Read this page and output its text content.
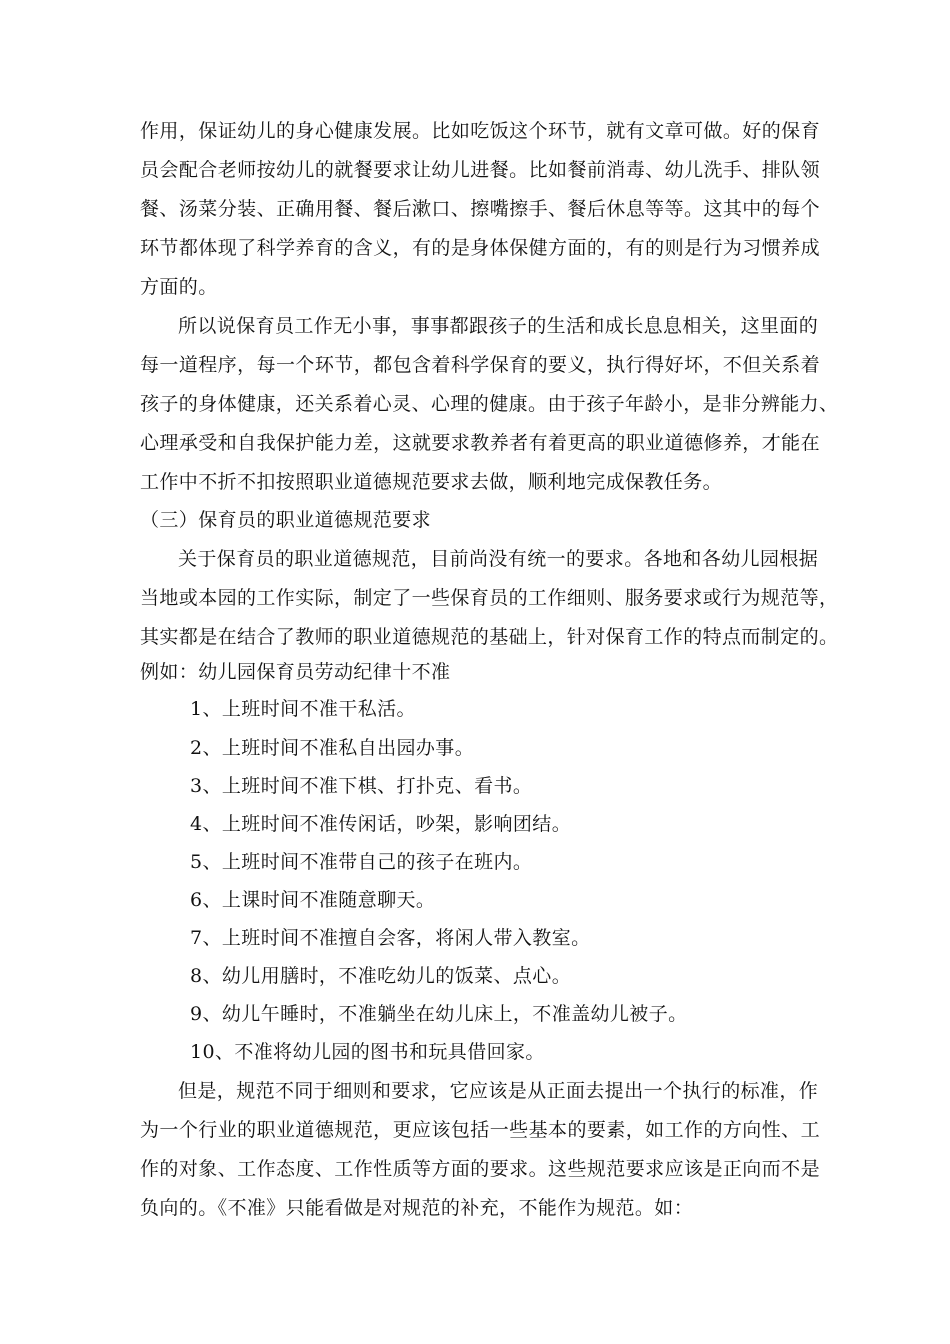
作用，保证幼儿的身心健康发展。比如吃饭这个环节，就有文章可做。好的保育
员会配合老师按幼儿的就餐要求让幼儿进餐。比如餐前消毒、幼儿洗手、排队领
餐、汤菜分装、正确用餐、餐后漱口、擦嘴擦手、餐后休息等等。这其中的每个
环节都体现了科学养育的含义，有的是身体保健方面的，有的则是行为习惯养成
方面的。
所以说保育员工作无小事，事事都跟孩子的生活和成长息息相关，这里面的
每一道程序，每一个环节，都包含着科学保育的要义，执行得好坏，不但关系着
孩子的身体健康，还关系着心灵、心理的健康。由于孩子年龄小，是非分辨能力、
心理承受和自我保护能力差，这就要求教养者有着更高的职业道德修养，才能在
工作中不折不扣按照职业道德规范要求去做，顺利地完成保教任务。
（三）保育员的职业道德规范要求
关于保育员的职业道德规范，目前尚没有统一的要求。各地和各幼儿园根据
当地或本园的工作实际，制定了一些保育员的工作细则、服务要求或行为规范等，
其实都是在结合了教师的职业道德规范的基础上，针对保育工作的特点而制定的。
例如：幼儿园保育员劳动纪律十不准
1、上班时间不准干私活。
2、上班时间不准私自出园办事。
3、上班时间不准下棋、打扑克、看书。
4、上班时间不准传闲话，吵架，影响团结。
5、上班时间不准带自己的孩子在班内。
6、上课时间不准随意聊天。
7、上班时间不准擅自会客，将闲人带入教室。
8、幼儿用膳时，不准吃幼儿的饭菜、点心。
9、幼儿午睡时，不准躺坐在幼儿床上，不准盖幼儿被子。
10、不准将幼儿园的图书和玩具借回家。
但是，规范不同于细则和要求，它应该是从正面去提出一个执行的标准，作
为一个行业的职业道德规范，更应该包括一些基本的要素，如工作的方向性、工
作的对象、工作态度、工作性质等方面的要求。这些规范要求应该是正向而不是
负向的。《不准》只能看做是对规范的补充，不能作为规范。如：
